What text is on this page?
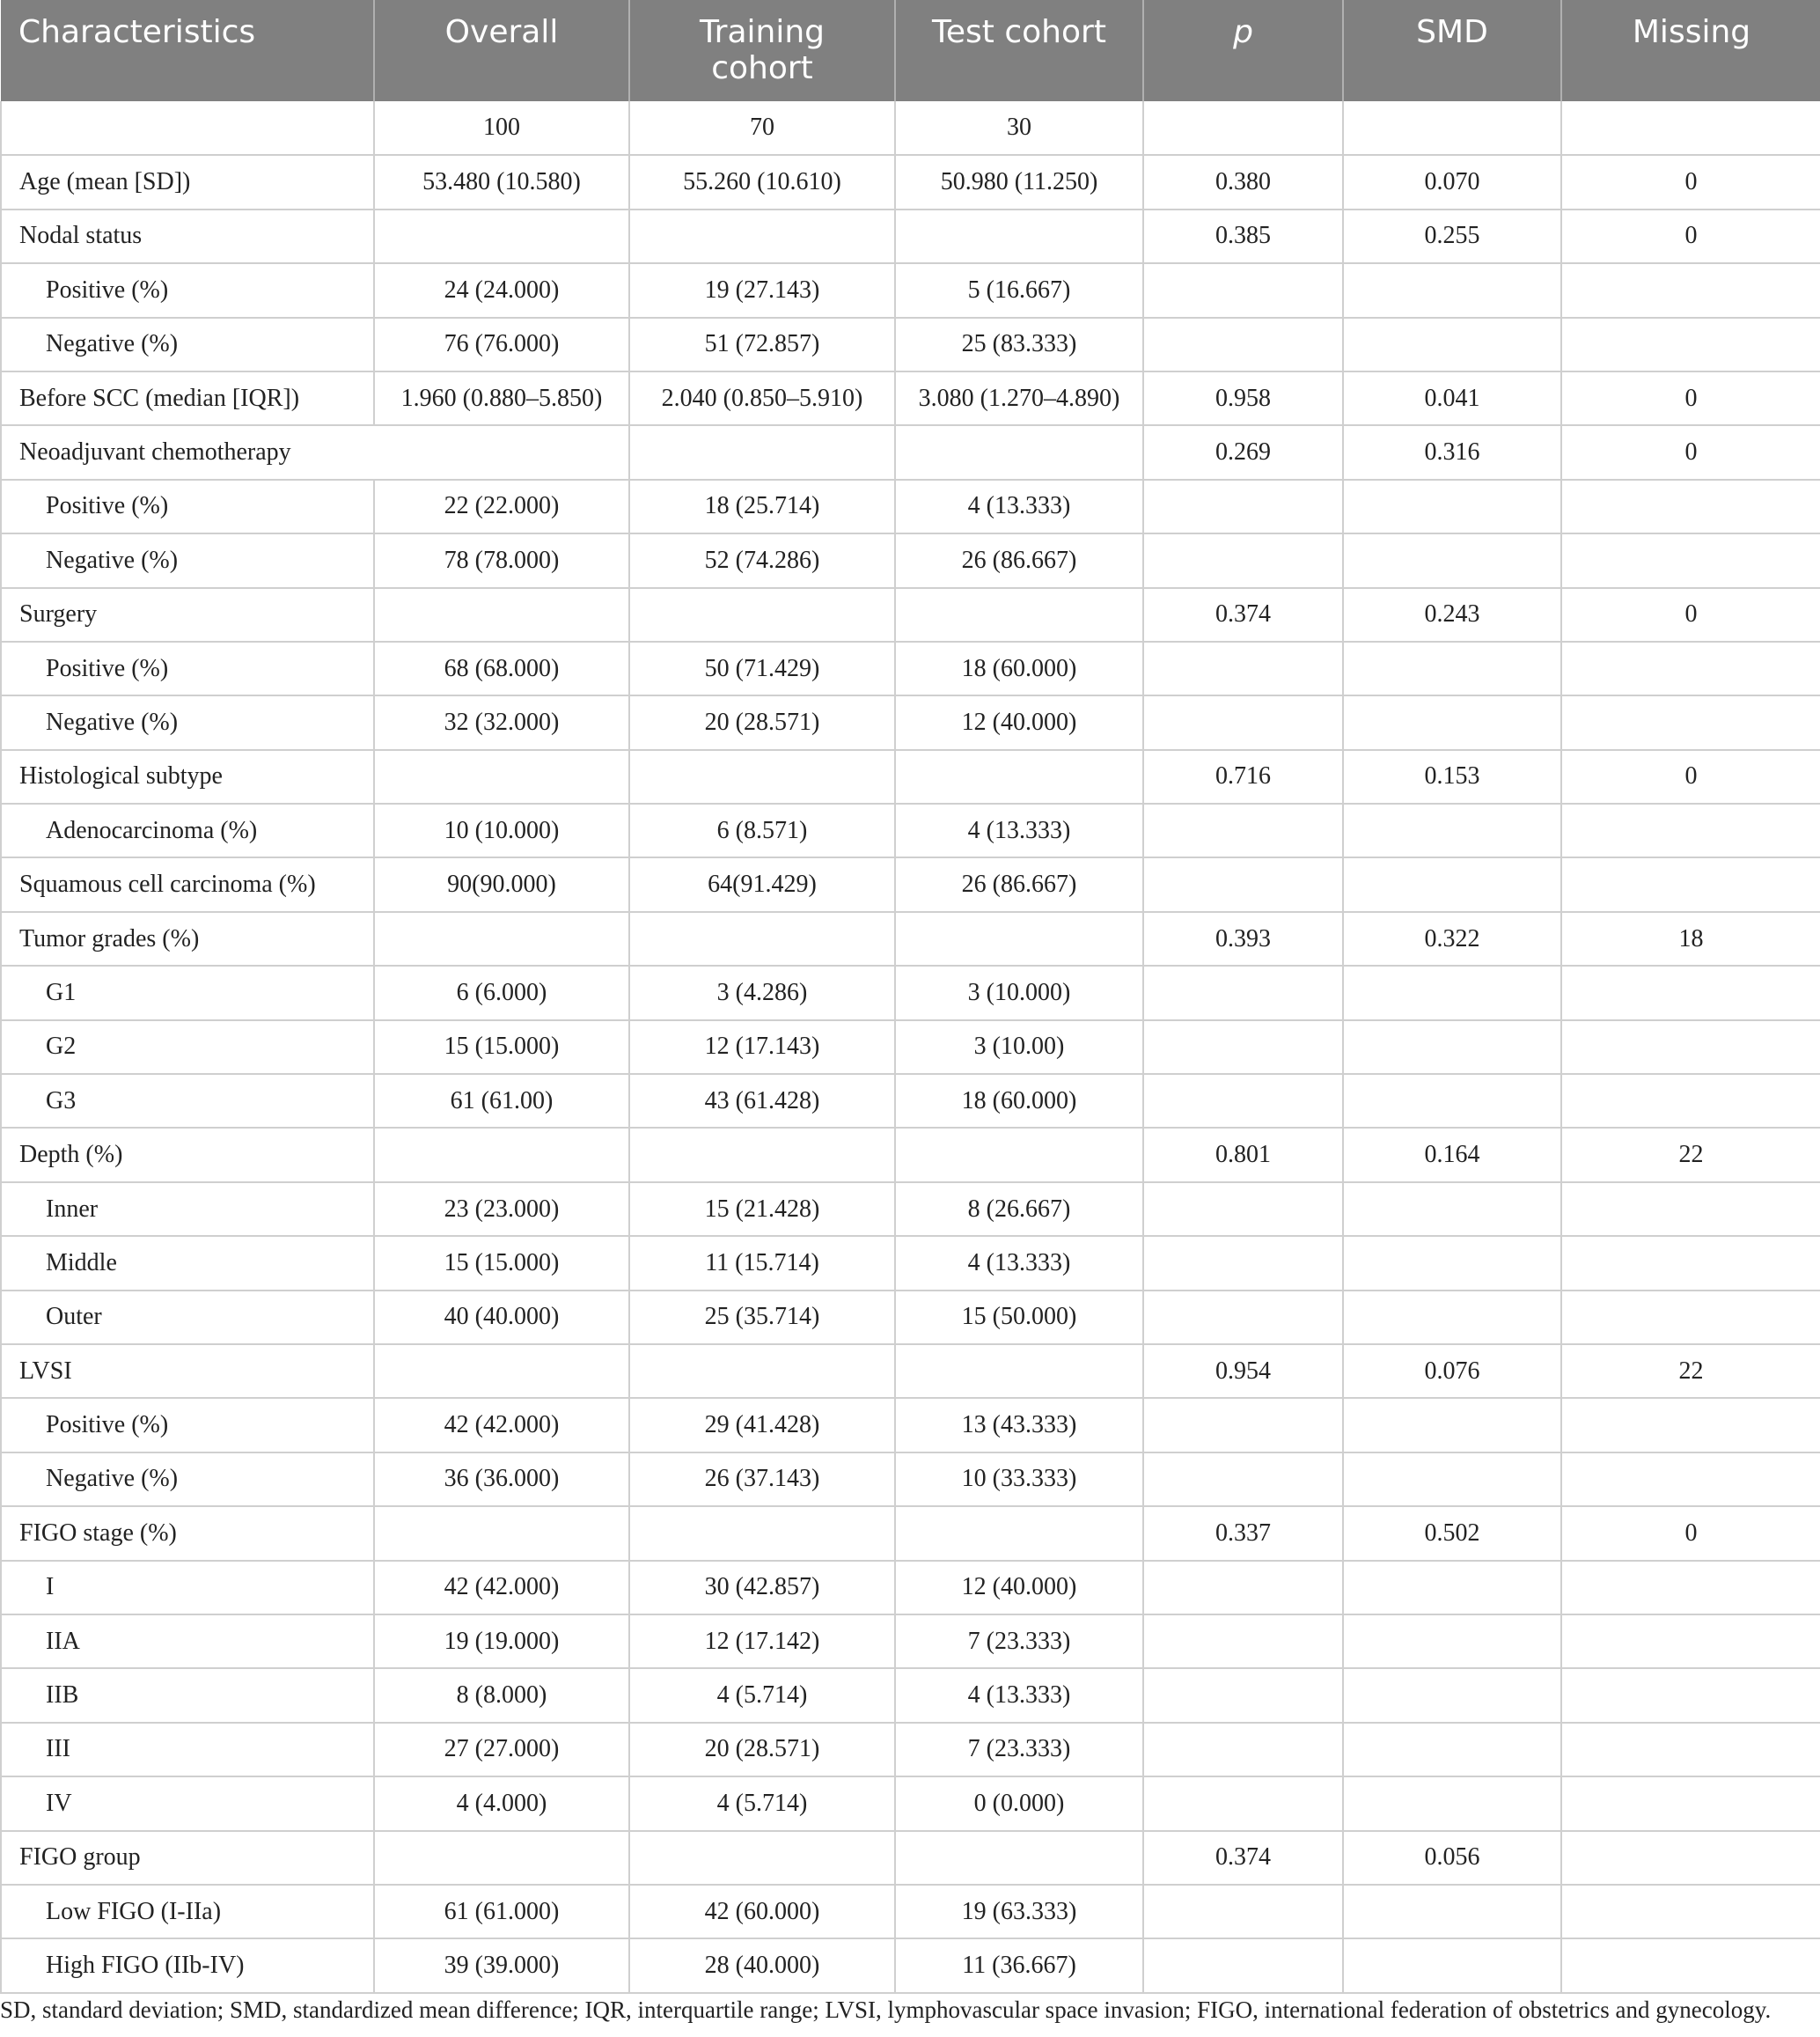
Characteristics	Overall	Training cohort	Test cohort	p	SMD	Missing
	100	70	30			
Age (mean [SD])	53.480 (10.580)	55.260 (10.610)	50.980 (11.250)	0.380	0.070	0
Nodal status				0.385	0.255	0
Positive (%)	24 (24.000)	19 (27.143)	5 (16.667)			
Negative (%)	76 (76.000)	51 (72.857)	25 (83.333)			
Before SCC (median [IQR])	1.960 (0.880–5.850)	2.040 (0.850–5.910)	3.080 (1.270–4.890)	0.958	0.041	0
Neoadjuvant chemotherapy				0.269	0.316	0
Positive (%)	22 (22.000)	18 (25.714)	4 (13.333)			
Negative (%)	78 (78.000)	52 (74.286)	26 (86.667)			
Surgery				0.374	0.243	0
Positive (%)	68 (68.000)	50 (71.429)	18 (60.000)			
Negative (%)	32 (32.000)	20 (28.571)	12 (40.000)			
Histological subtype				0.716	0.153	0
Adenocarcinoma (%)	10 (10.000)	6 (8.571)	4 (13.333)			
Squamous cell carcinoma (%)	90(90.000)	64(91.429)	26 (86.667)			
Tumor grades (%)				0.393	0.322	18
G1	6 (6.000)	3 (4.286)	3 (10.000)			
G2	15 (15.000)	12 (17.143)	3 (10.00)			
G3	61 (61.00)	43 (61.428)	18 (60.000)			
Depth (%)				0.801	0.164	22
Inner	23 (23.000)	15 (21.428)	8 (26.667)			
Middle	15 (15.000)	11 (15.714)	4 (13.333)			
Outer	40 (40.000)	25 (35.714)	15 (50.000)			
LVSI				0.954	0.076	22
Positive (%)	42 (42.000)	29 (41.428)	13 (43.333)			
Negative (%)	36 (36.000)	26 (37.143)	10 (33.333)			
FIGO stage (%)				0.337	0.502	0
I	42 (42.000)	30 (42.857)	12 (40.000)			
IIA	19 (19.000)	12 (17.142)	7 (23.333)			
IIB	8 (8.000)	4 (5.714)	4 (13.333)			
III	27 (27.000)	20 (28.571)	7 (23.333)			
IV	4 (4.000)	4 (5.714)	0 (0.000)			
FIGO group				0.374	0.056	
Low FIGO (I-IIa)	61 (61.000)	42 (60.000)	19 (63.333)			
High FIGO (IIb-IV)	39 (39.000)	28 (40.000)	11 (36.667)			
SD, standard deviation; SMD, standardized mean difference; IQR, interquartile range; LVSI, lymphovascular space invasion; FIGO, international federation of obstetrics and gynecology.
